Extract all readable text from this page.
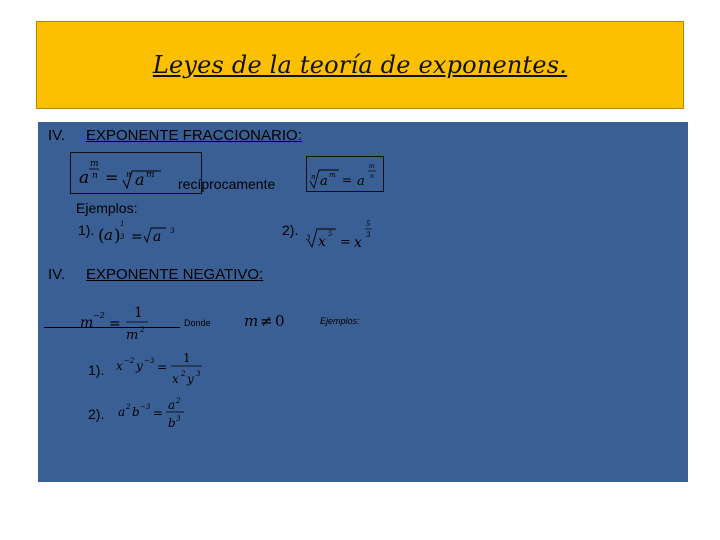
Leyes de la teoría de exponentes.
IV. EXPONENTE FRACCIONARIO:
a
m
n = n a m
recíprocamente	n a m = a
m
n
Ejemplos:
1). ( a )
1
3 = a 3	2). 3 x 5
= x
5
3
IV. EXPONENTE NEGATIVO:
m −2
=
1
m 2
Donde m ≠ 0	Ejemplos:
1). x −2 y −3 =
1
x 2 y 3
2). a 2 b −3 =
a 2
b 3
